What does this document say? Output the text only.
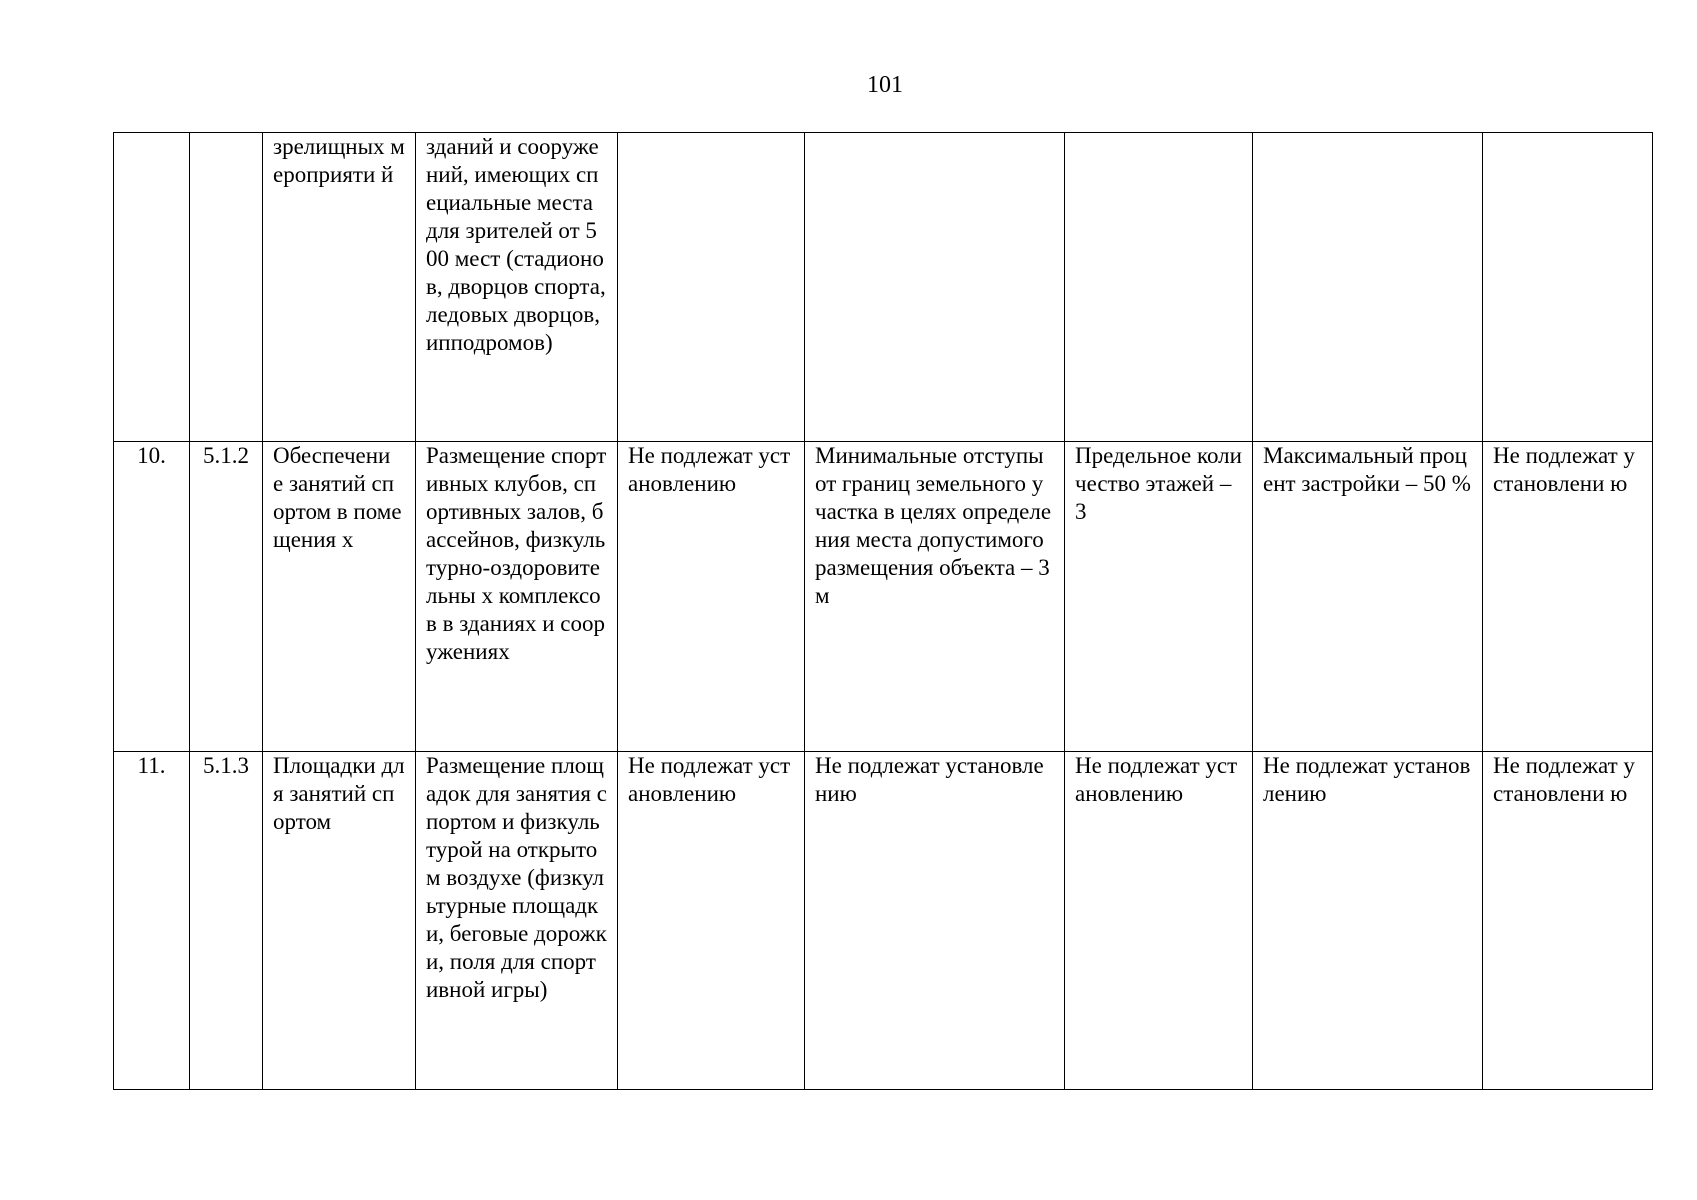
101
		зрелищных мероприяти й	зданий и сооружений, имеющих специальные места для зрителей от 500 мест (стадионов, дворцов спорта, ледовых дворцов, ипподромов)					
10.	5.1.2	Обеспечени е занятий спортом в помещения х	Размещение спортивных клубов, спортивных залов, бассейнов, физкультурно-оздоровительны х комплексов в зданиях и сооружениях	Не подлежат установлению	Минимальные отступы от границ земельного участка в целях определения места допустимого размещения объекта – 3 м	Предельное количество этажей – 3	Максимальный процент застройки – 50 %	Не подлежат установлени ю
11.	5.1.3	Площадки для занятий спортом	Размещение площадок для занятия спортом и физкультурой на открытом воздухе (физкультурные площадки, беговые дорожки, поля для спортивной игры)	Не подлежат установлению	Не подлежат установлению	Не подлежат установлению	Не подлежат установлению	Не подлежат установлени ю
